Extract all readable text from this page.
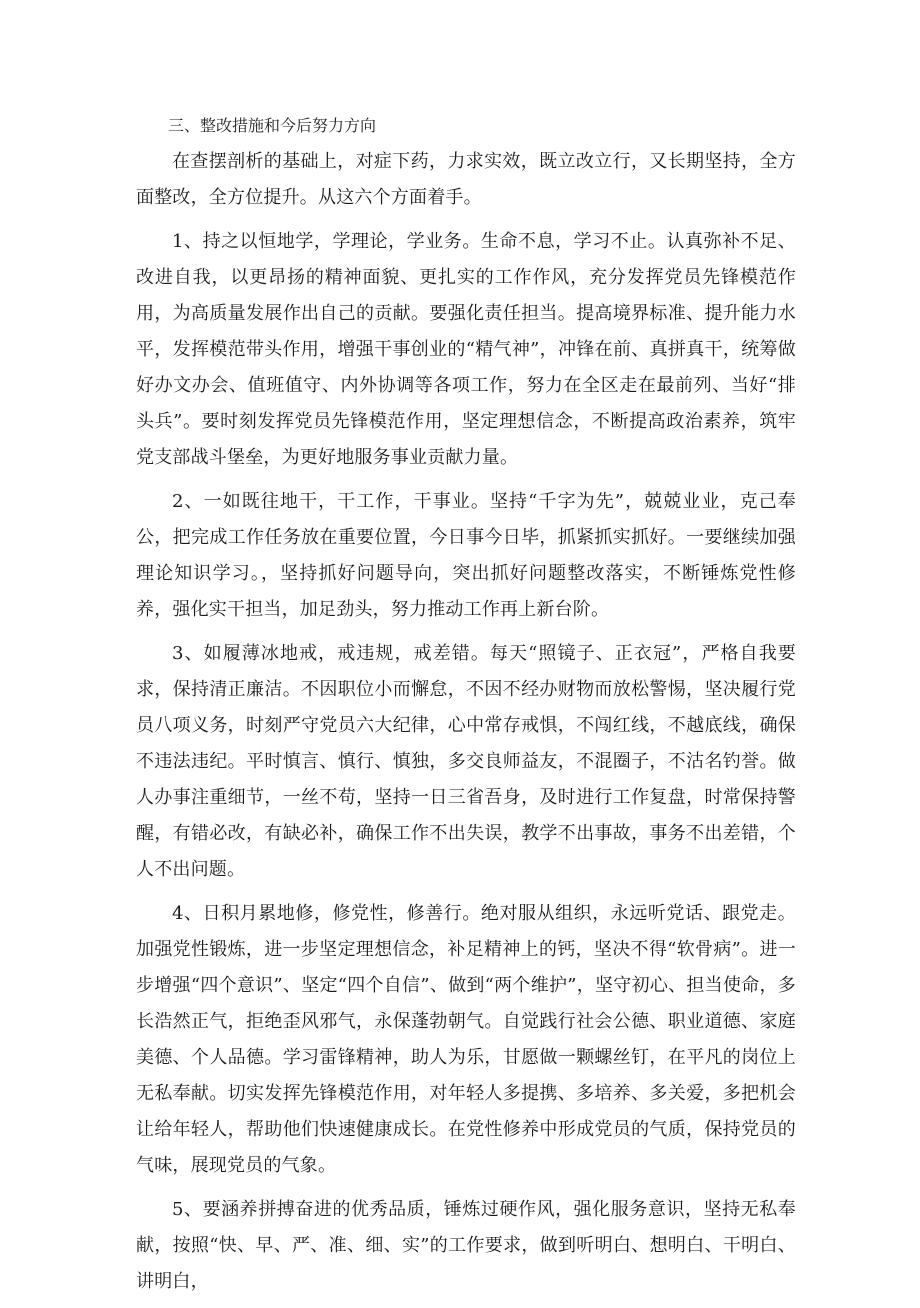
三、整改措施和今后努力方向

在查摆剖析的基础上，对症下药，力求实效，既立改立行，又长期坚持，全方面整改，全方位提升。从这六个方面着手。

1、持之以恒地学，学理论，学业务。生命不息，学习不止。认真弥补不足、改进自我，以更昂扬的精神面貌、更扎实的工作作风，充分发挥党员先锋模范作用，为高质量发展作出自己的贡献。要强化责任担当。提高境界标准、提升能力水平，发挥模范带头作用，增强干事创业的“精气神”，冲锋在前、真拼真干，统筹做好办文办会、值班值守、内外协调等各项工作，努力在全区走在最前列、当好“排头兵”。要时刻发挥党员先锋模范作用，坚定理想信念，不断提高政治素养，筑牢党支部战斗堡垒，为更好地服务事业贡献力量。

2、一如既往地干，干工作，干事业。坚持“千字为先”，兢兢业业，克己奉公，把完成工作任务放在重要位置，今日事今日毕，抓紧抓实抓好。一要继续加强理论知识学习。，坚持抓好问题导向，突出抓好问题整改落实，不断锤炼党性修养，强化实干担当，加足劲头，努力推动工作再上新台阶。

3、如履薄冰地戒，戒违规，戒差错。每天“照镜子、正衣冠”，严格自我要求，保持清正廉洁。不因职位小而懈怠，不因不经办财物而放松警惕，坚决履行党员八项义务，时刻严守党员六大纪律，心中常存戒惧，不闯红线，不越底线，确保不违法违纪。平时慎言、慎行、慎独，多交良师益友，不混圈子，不沽名钓誉。做人办事注重细节，一丝不苟，坚持一日三省吾身，及时进行工作复盘，时常保持警醒，有错必改，有缺必补，确保工作不出失误，教学不出事故，事务不出差错，个人不出问题。

4、日积月累地修，修党性，修善行。绝对服从组织，永远听党话、跟党走。加强党性锻炼，进一步坚定理想信念，补足精神上的钙，坚决不得“软骨病”。进一步增强“四个意识”、坚定“四个自信”、做到“两个维护”，坚守初心、担当使命，多长浩然正气，拒绝歪风邪气，永保蓬勃朝气。自觉践行社会公德、职业道德、家庭美德、个人品德。学习雷锋精神，助人为乐，甘愿做一颗螺丝钉，在平凡的岗位上无私奉献。切实发挥先锋模范作用，对年轻人多提携、多培养、多关爱，多把机会让给年轻人，帮助他们快速健康成长。在党性修养中形成党员的气质，保持党员的气味，展现党员的气象。

5、要涵养拼搏奋进的优秀品质，锤炼过硬作风，强化服务意识，坚持无私奉献，按照“快、早、严、准、细、实”的工作要求，做到听明白、想明白、干明白、讲明白，
